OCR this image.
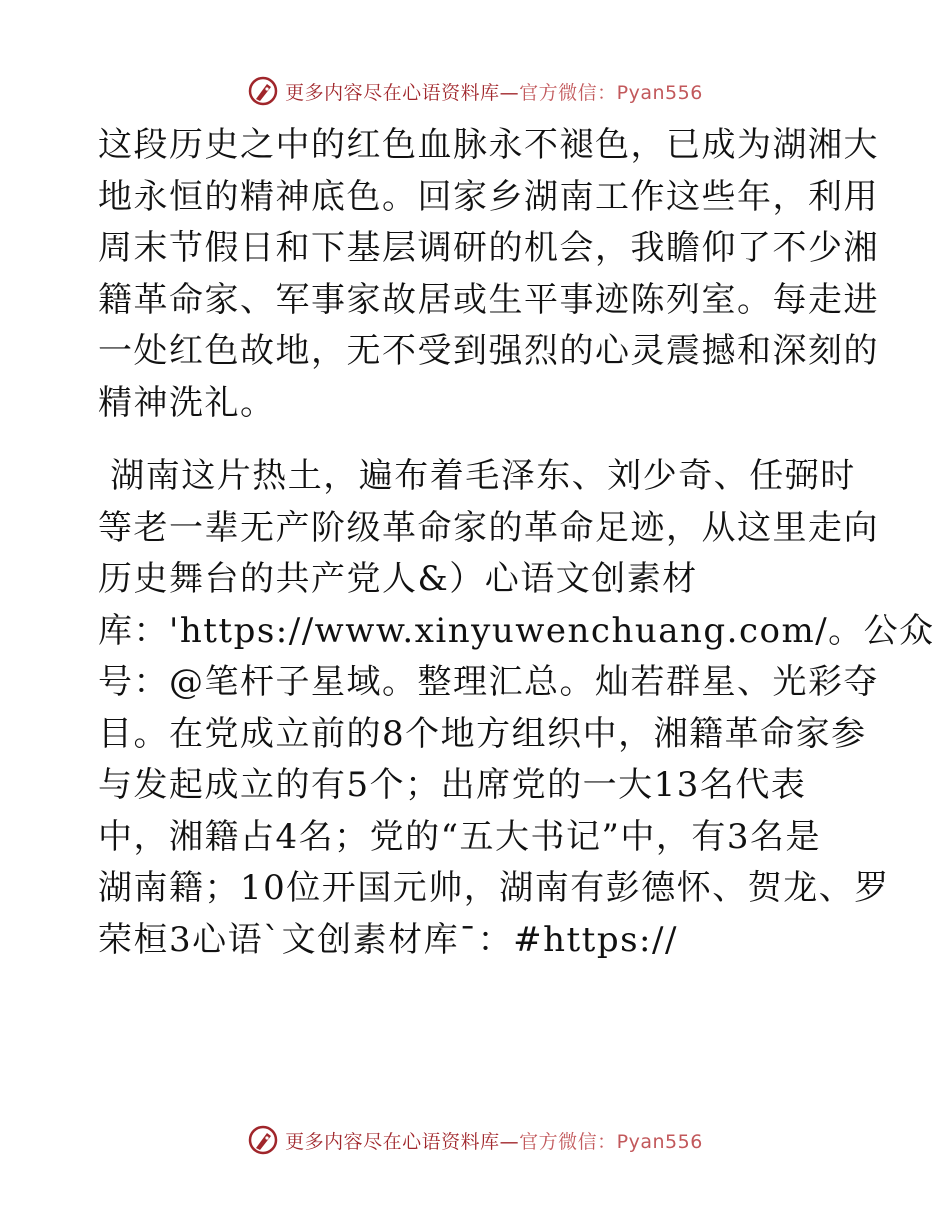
更多内容尽在心语资料库—官方微信：Pyan556

这段历史之中的红色血脉永不褪色，已成为湖湘大

地永恒的精神底色。回家乡湖南工作这些年，利用

周末节假日和下基层调研的机会，我瞻仰了不少湘

籍革命家、军事家故居或生平事迹陈列室。每走进

一处红色故地，无不受到强烈的心灵震撼和深刻的

精神洗礼。

湖南这片热土，遍布着毛泽东、刘少奇、任弼时

等老一辈无产阶级革命家的革命足迹，从这里走向

历史舞台的共产党人&）心语文创素材

库：'https://www.xinyuwenchuang.com/。公众

号：@笔杆子星域。整理汇总。灿若群星、光彩夺

目。在党成立前的8个地方组织中，湘籍革命家参

与发起成立的有5个；出席党的一大13名代表

中，湘籍占4名；党的“五大书记”中，有3名是

湖南籍；10位开国元帅，湖南有彭德怀、贺龙、罗

荣桓3心语`文创素材库¯：#https://

更多内容尽在心语资料库—官方微信：Pyan556
